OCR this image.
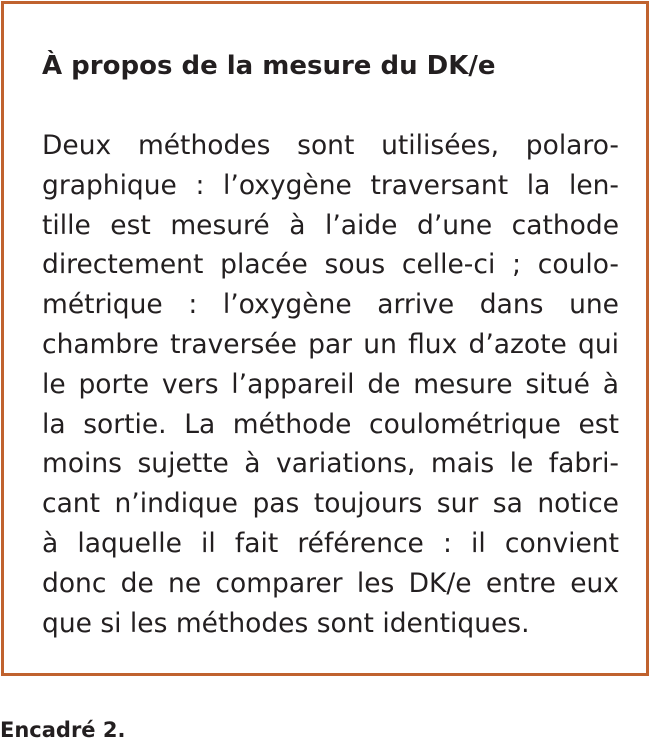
À propos de la mesure du DK/e
Deux méthodes sont utilisées, polaro-
graphique : l’oxygène traversant la len-
tille est mesuré à l’aide d’une cathode
directement placée sous celle-ci ; coulo-
métrique : l’oxygène arrive dans une
chambre traversée par un flux d’azote qui
le porte vers l’appareil de mesure situé à
la sortie. La méthode coulométrique est
moins sujette à variations, mais le fabri-
cant n’indique pas toujours sur sa notice
à laquelle il fait référence : il convient
donc de ne comparer les DK/e entre eux
que si les méthodes sont identiques.

Encadré 2.
